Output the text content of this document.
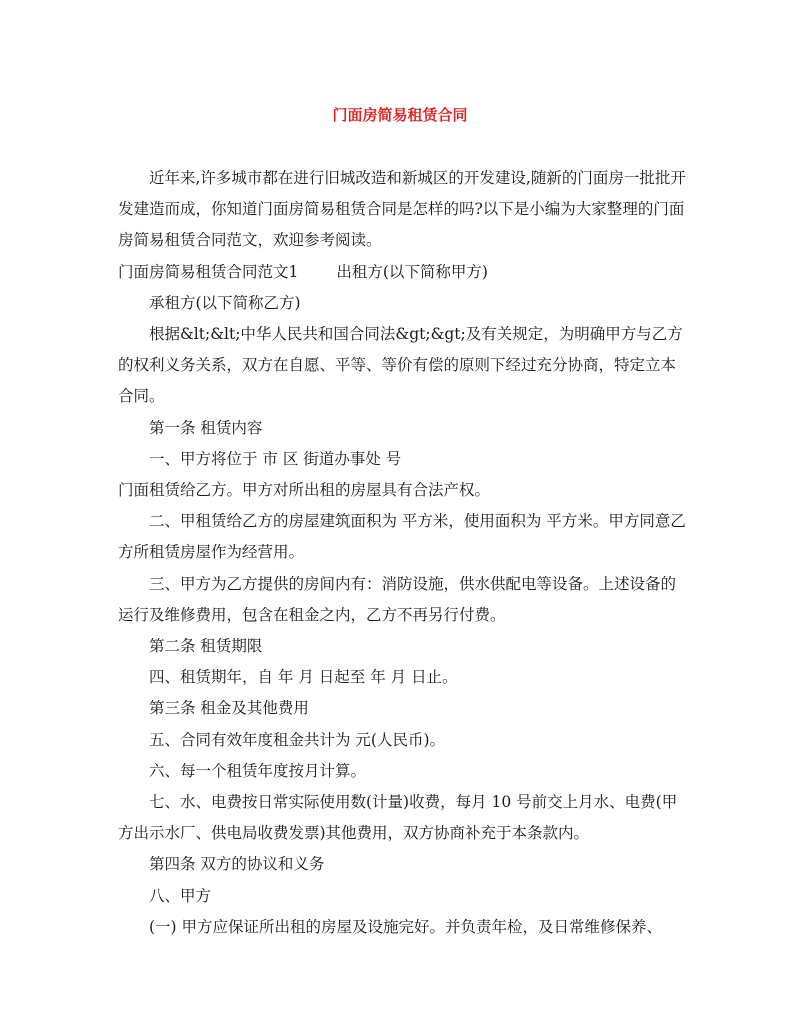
门面房简易租赁合同

近年来,许多城市都在进行旧城改造和新城区的开发建设,随新的门面房一批批开发建造而成，你知道门面房简易租赁合同是怎样的吗?以下是小编为大家整理的门面房简易租赁合同范文，欢迎参考阅读。

门面房简易租赁合同范文1 出租方(以下简称甲方)

承租方(以下简称乙方)

根据&lt;&lt;中华人民共和国合同法&gt;&gt;及有关规定，为明确甲方与乙方的权利义务关系，双方在自愿、平等、等价有偿的原则下经过充分协商，特定立本合同。

第一条 租赁内容

一、甲方将位于 市 区 街道办事处 号

门面租赁给乙方。甲方对所出租的房屋具有合法产权。

二、甲租赁给乙方的房屋建筑面积为 平方米，使用面积为 平方米。甲方同意乙方所租赁房屋作为经营用。

三、甲方为乙方提供的房间内有：消防设施，供水供配电等设备。上述设备的运行及维修费用，包含在租金之内，乙方不再另行付费。

第二条 租赁期限

四、租赁期年，自 年 月 日起至 年 月 日止。

第三条 租金及其他费用

五、合同有效年度租金共计为 元(人民币)。

六、每一个租赁年度按月计算。

七、水、电费按日常实际使用数(计量)收费，每月 10 号前交上月水、电费(甲方出示水厂、供电局收费发票)其他费用，双方协商补充于本条款内。

第四条 双方的协议和义务

八、甲方

(一) 甲方应保证所出租的房屋及设施完好。并负责年检，及日常维修保养、
